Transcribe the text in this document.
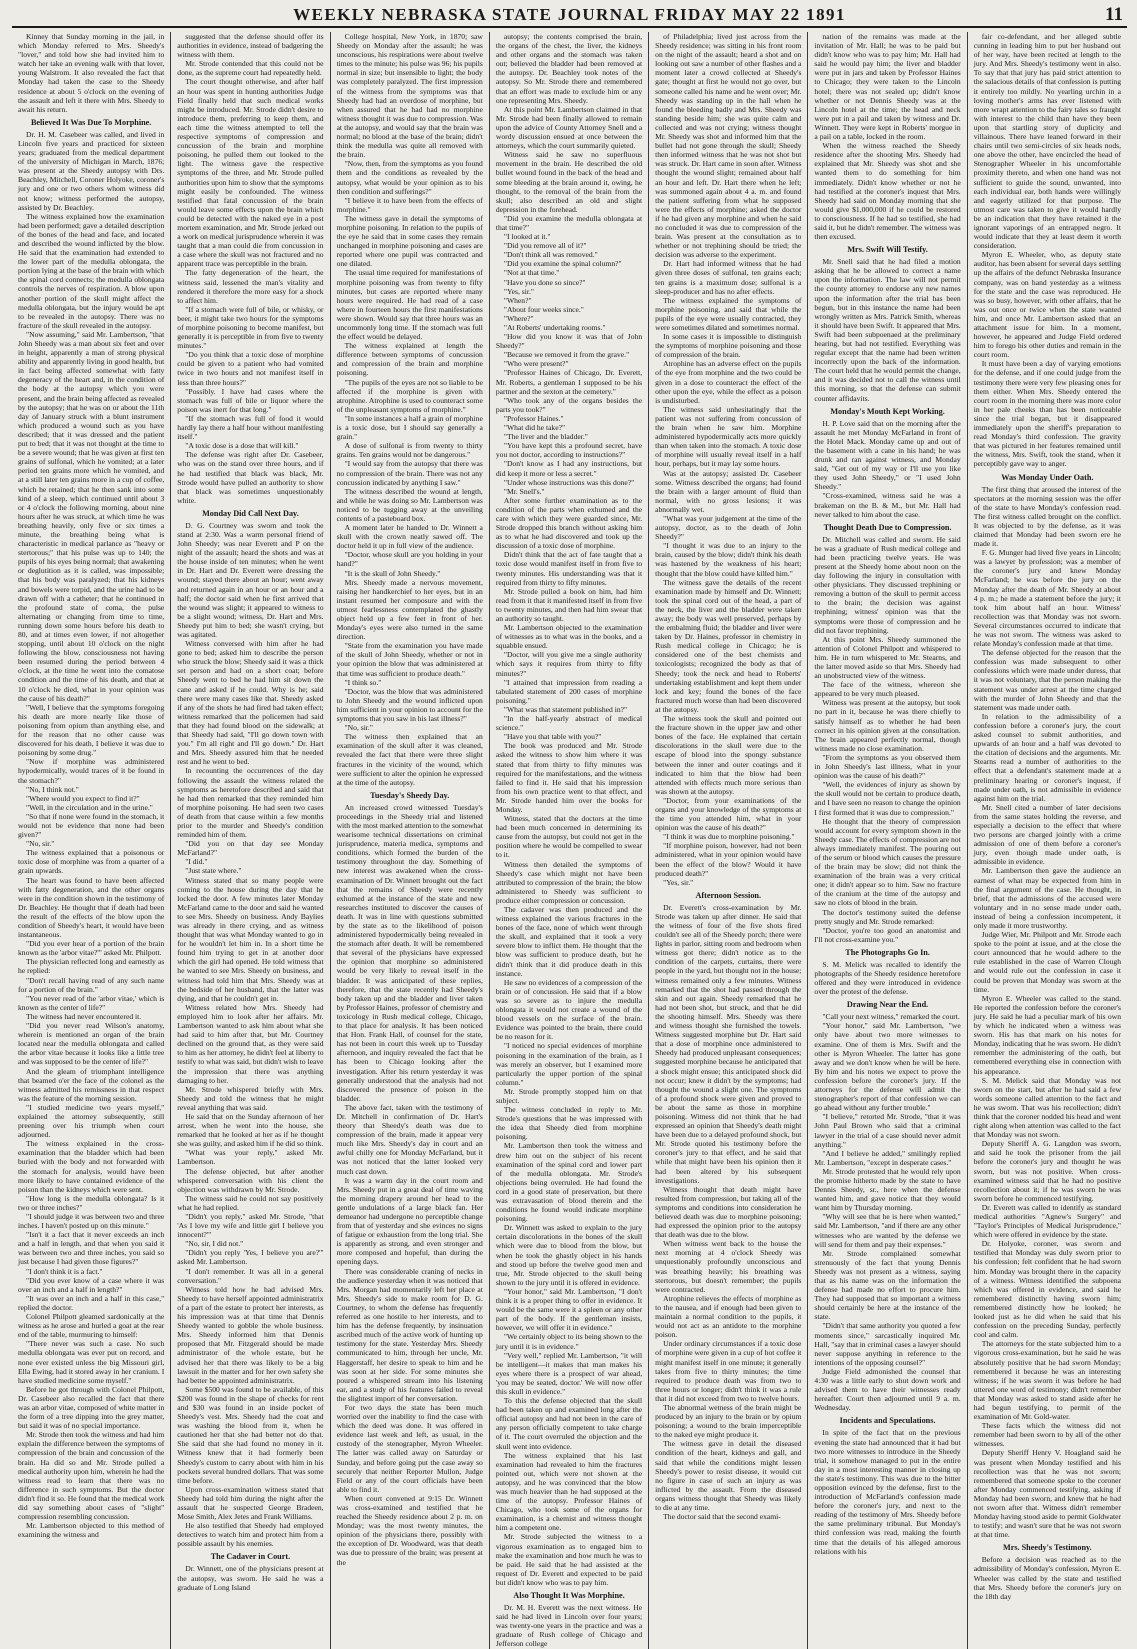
WEEKLY NEBRASKA STATE JOURNAL FRIDAY MAY 22 1891	11

Kinney that Sunday morning in the jail, in which Monday referred to Mrs. Sheedy's "lover," and told how she had invited him to watch her take an evening walk with that lover, young Walstrom. It also revealed the fact that Monday had taken the case to the Sheedy residence at about 5 o'clock on the evening of the assault and left it there with Mrs. Sheedy to await his return.

Believed It Was Due To Morphine.

Dr. H. M. Casebeer was called, and lived in Lincoln five years and practiced for sixteen years; graduated from the medical department of the university of Michigan in March, 1876; was present at the Sheedy autopsy with Drs. Beachley, Mitchell, Coroner Holyoke, coroner's jury and one or two others whom witness did not know; witness performed the autopsy, assisted by Dr. Beachley.

The witness explained how the examination had been performed; gave a detailed description of the bones of the head and face, and located and described the wound inflicted by the blow. He said that the examination had extended to the lower part of the medulla oblongata, the portion lying at the base of the brain with which the spinal cord connects; the medulla oblongata controls the nerves of respiration. A blow upon another portion of the skull might affect the medulla oblongata, but the injury would be apt to be revealed in the autopsy. There was no fracture of the skull revealed in the autopsy.

"Now assuming," said Mr. Lambertson, "that John Sheedy was a man about six feet and over in height, apparently a man of strong physical ability and apparently living in good health, but in fact being affected somewhat with fatty degeneracy of the heart and, in the condition of the body at the autopsy which you were present, and the brain being affected as revealed by the autopsy; that he was on or about the 11th day of January struck with a blunt instrument which produced a wound such as you have described; that it was dressed and the patient put to bed; that it was not thought at the time to be a severe wound; that he was given at first ten grains of sulfonal, which he vomited; at a later period ten grains more which he vomited, and at a still later ten grains more in a cup of coffee, which he retained; that he then sank into some kind of a sleep, which continued until about 3 or 4 o'clock the following morning, about nine hours after he was struck, at which time he was breathing heavily, only five or six times a minute, the breathing being what is characteristic in medical parlance as "heavy or stertorous;" that his pulse was up to 140; the pupils of his eyes being normal; that awakening or deglutition as it is called, was impossible; that his body was paralyzed; that his kidneys and bowels were torpid, and the urine had to be drawn off with a catheter; that he continued in the profound state of coma, the pulse alternating or changing from time to time, running down some hours before his death to 80, and at times even lower, if not altogether stopping, until about 10 o'clock on the night following the blow, consciousness not having been resumed during the period between 4 o'clock, at the time he went into the comatose condition and the time of his death, and that at 10 o'clock he died, what in your opinion was the cause of his death?"

"Well, I believe that the symptoms foregoing his death are more nearly like those of poisoning from opium than anything else, and for the reason that no other cause was discovered for his death, I believe it was due to poisoning by some drug."

"Now if morphine was administered hypodermically, would traces of it be found in the stomach?"

"No, I think not."

"Where would you expect to find it?"

"Well, in the circulation and in the urine."

"So that if none were found in the stomach, it would not be evidence that none had been given?"

"No, sir."

The witness explained that a poisonous or toxic dose of morphine was from a quarter of a grain upwards.

The heart was found to have been affected with fatty degeneration, and the other organs were in the condition shown in the testimony of Dr. Beachley. He thought that if death had been the result of the effects of the blow upon the condition of Sheedy's heart, it would have been instantaneous.

"Did you ever hear of a portion of the brain known as the 'arbor vitae?'" asked Mr. Philpott.

The physician reflected long and earnestly as he replied:

"Don't recall having read of any such name for a portion of the brain."

"You never read of the 'arbor vitae,' which is known as the center of life?"

The witness had never encountered it.

"Did you never read Wilson's anatomy, wherein is mentioned an organ of the brain located near the medulla oblongata and called the arbor vitae because it looks like a little tree and was supposed to be the center of life?"

And the gleam of triumphant intelligence that beamed o'er the face of the colonel as the witness admitted his remissness in that respect was the feature of the morning session.

"I studied medicine two years myself," explained the attorney subsequently, still preening over his triumph when court adjourned.

The witness explained in the cross-examination that the bladder which had been buried with the body and not forwarded with the stomach for analysis, would have been more likely to have contained evidence of the poison than the kidneys which were sent.

"How long is the medulla oblongata? Is it two or three inches?"

"I should judge it was between two and three inches. I haven't posted up on this minute."

"Isn't it a fact that it never exceeds an inch and a half in length, and that when you said it was between two and three inches, you said so just because I had given those figures?"

"I don't think it is a fact."

"Did you ever know of a case where it was over an inch and a half in length?"

"It was over an inch and a half in this case," replied the doctor.

Colonel Philpott gleamed sardonically at the witness as he arose and hurled a goat at the rear end of the table, murmuring to himself:

"There never was such a case. No such medulla oblongata was ever put on record, and none ever existed unless the big Missouri girl, Ella Ewing, had it stored away in her cranium. I have studied medicine some myself."

Before he got through with Colonel Philpott, Dr. Casebeer also recalled the fact that there was an arbor vitae, composed of white matter in the form of a tree dipping into the grey matter, but said it was of no special importance.

Mr. Strode then took the witness and had him explain the difference between the symptoms of compression of the brain and concussion of the brain. Ha did so and Mr. Strode pulled a medical authority upon him, wherein he had the witness read to learn that there was no difference in such symptoms. But the doctor didn't find it so. He found that the medical work did say something about cases of "slight" compression resembling concussion.

Mr. Lambertson objected to this method of examining the witness and

suggested that the defense should offer its authorities in evidence, instead of badgering the witness with them.

Mr. Strode contended that this could not be done, as the supreme court had repeatedly held.

The court thought otherwise, and after half an hour was spent in hunting authorities Judge Field finally held that such medical works might be introduced. Mr. Strode didn't desire to introduce them, preferring to keep them, and each time the witness attempted to tell the respective symptoms of compression and concussion of the brain and morphine poisoning, he pulled them out looked to the light. The witness gave the respective symptoms of the three, and Mr. Strode pulled authorities upon him to show that the symptoms might easily be confounded. The witness testified that fatal concussion of the brain would leave some effects upon the brain which could be detected with the naked eye in a post mortem examination, and Mr. Strode jerked out a work on medical jurisprudence wherein it was taught that a man could die from concussion in a case where the skull was not fractured and no apparent trace was perceptible in the brain.

The fatty degeneration of the heart, the witness said, lessened the man's vitality and rendered it therefore the more easy for a shock to affect him.

"If a stomach were full of bile, or whisky, or beer, it might take two hours for the symptoms of morphine poisoning to become manifest, but generally it is perceptible in from five to twenty minutes."

"Do you think that a toxic dose of morphine could be given to a patient who had vomited twice in two hours and not manifest itself in less than three hours?"

"Possibly. I have had cases where the stomach was full of bile or liquor where the poison was inert for that long."

"If the stomach was full of food it would hardly lay there a half hour without manifesting itself."

"A toxic dose is a dose that will kill."

The defense was right after Dr. Casebeer, who was on the stand over three hours, and if he had testified that black was black, Mr. Strode would have pulled an authority to show that black was sometimes unquestionably white.

Monday Did Call Next Day.

D. G. Courtney was sworn and took the stand at 2:30. Was a warm personal friend of John Sheedy; was near Everett and P on the night of the assault; heard the shots and was at the house inside of ten minutes; when he went in Dr. Hart and Dr. Everett were dressing the wound; stayed there about an hour; went away and returned again in an hour or an hour and a half; the doctor said when he first arrived that the wound was slight; it appeared to witness to be a slight wound; witness, Dr. Hart and Mrs. Sheedy put him to bed; she wasn't crying, but was agitated.

Witness conversed with him after he had gone to bed; asked him to describe the person who struck the blow; Sheedy said it was a thick set person and had on a short coat; before Sheedy went to bed he had him sit down the cane and asked if he could. Why is he; said there were many cases like that. Sheedy asked if any of the shots he had fired had taken effect; witness remarked that the policemen had said that they had found blood on the sidewalk; at that Sheedy had said, "I'll go down town with you." I'm all right and I'll go down." Dr. Hart and Mrs. Sheedy assured him that he needed rest and he went to bed.

In recounting the occurrences of the day following the assault the witness related the symptoms as heretofore described and said that he had then remarked that they reminded him of morphine poisoning. He had seen two cases of death from that cause within a few months prior to the murder and Sheedy's condition reminded him of them.

"Did you on that day see Monday McFarland?"

"I did."

"Just state where."

Witness stated that so many people were coming to the house during the day that he locked the door. A few minutes later Monday McFarland came to the door and said he wanted to see Mrs. Sheedy on business. Andy Baylies was already in there crying, and as witness thought that was what Monday wanted to go in for he wouldn't let him in. In a short time he found him trying to get in at another door which the girl had opened. He told witness that he wanted to see Mrs. Sheedy on business, and witness had told him that Mrs. Sheedy was at the bedside of her husband, that the latter was dying, and that he couldn't get in.

Witness related how Mrs. Sheedy had employed him to look after her affairs. Mr. Lambertson wanted to ask him about what she had said to him after that, but Mr. Courtney declined on the ground that, as they were said to him as her attorney, he didn't feel at liberty to testify to what was said, but didn't wish to leave the impression that there was anything damaging to her.

Mr. Strode whispered briefly with Mrs. Sheedy and told the witness that he might reveal anything that was said.

He said that on the Sunday afternoon of her arrest, when he went into the house, she remarked that he looked at her as if he thought she was guilty, and asked him if he did so think.

"What was your reply," asked Mr. Lambertson.

The defense objected, but after another whispered conversation with his client the objection was withdrawn by Mr. Strode.

The witness said he could not say positively what he had replied.

"Didn't you reply," asked Mr. Strode, "that 'As I love my wife and little girl I believe you innocent?'"

"No, sir, I did not."

"Didn't you reply 'Yes, I believe you are?'" asked Mr. Lambertson.

"I don't remember. It was all in a general conversation."

Witness told how he had advised Mrs. Sheedy to have herself appointed administratrix of a part of the estate to protect her interests, as his impression was at that time that Dennis Sheedy wanted to gobble the whole business. Mrs. Sheedy informed him that Dennis proposed that Mr. Fitzgerald should be made administrator of the whole estate, but he advised her that there was likely to be a big lawsuit in the matter and for her own safety she had better be appointed administratrix.

Some $500 was found to be available, of this $200 was found in the shape of checks for rent and $30 was found in an inside pocket of Sheedy's vest. Mrs. Sheedy had the coat and was washing the blood from it, when he cautioned her that she had better not do that. She said that she had found no money in it. Witness knew that it had formerly been Sheedy's custom to carry about with him in his pockets several hundred dollars. That was some time before.

Upon cross-examination witness stated that Sheedy had told him during the night after the assault that he suspected George Bradeen, Mose Smith, Alex Jetes and Frank Williams.

He also testified that Sheedy had employed detectives to watch him and protect him from a possible assault by his enemies.

The Cadaver in Court.

Dr. Winnett, one of the physicians present at the autopsy, was sworn. He said he was a graduate of Long Island

College hospital, New York, in 1870; saw Sheedy on Monday after the assault; he was unconscious, his respirations were about twelve times to the minute; his pulse was 96; his pupils normal in size; but insensible to light; the body was completely paralyzed. The first impression of the witness from the symptoms was that Sheedy had had an overdose of morphine, but when assured that he had had no morphine witness thought it was due to compression. Was at the autopsy, and would say that the brain was normal; no blood at the base of the brain; didn't think the medulla was quite all removed with the brain.

"Now, then, from the symptoms as you found them and the conditions as revealed by the autopsy, what would be your opinion as to his then condition and sufferings?"

"I believe it to have been from the effects of morphine."

The witness gave in detail the symptoms of morphine poisoning. In relation to the pupils of the eye he said that in some cases they remain unchanged in morphine poisoning and cases are reported where one pupil was contracted and one dilated.

The usual time required for manifestations of morphine poisoning was from twenty to fifty minutes, but cases are reported where many hours were required. He had read of a case where in fourteen hours the first manifestations were shown. Would say that three hours was an uncommonly long time. If the stomach was full the effect would be delayed.

The witness explained at length the difference between symptoms of concussion and compression of the brain and morphine poisoning.

"The pupils of the eyes are not so liable to be affected if the morphine is given with atrophine. Atrophine is used to counteract some of the unpleasant symptoms of morphine."

"In some instances a half a grain of morphine is a toxic dose, but I should say generally a grain."

A dose of sulfonal is from twenty to thirty grains. Ten grains would not be dangerous."

"I would say from the autopsy that there was no compression of the brain. There was not any concussion indicated by anything I saw."

The witness described the wound at length, and while he was doing so Mr. Lambertson was noticed to be tugging away at the unveiling contents of a pasteboard box.

A moment later he handed to Dr. Winnett a skull with the crown neatly sawed off. The doctor held it up in full view of the audience.

"Doctor, whose skull are you holding in your hand?"

"It is the skull of John Sheedy."

Mrs. Sheedy made a nervous movement, raising her handkerchief to her eyes, but in an instant resumed her composure and with the utmost fearlessness contemplated the ghastly object held up a few feet in front of her. Monday's eyes were also turned in the same direction.

"State from the examination you have made of the skull of John Sheedy, whether or not in your opinion the blow that was administered at that time was sufficient to produce death."

"I think so."

"Doctor, was the blow that was administered to John Sheedy and the wound inflicted upon him sufficient in your opinion to account for the symptoms that you saw in his last illness?"

"No, sir."

The witness then explained that an examination of the skull after it was cleaned, revealed the fact that there were three slight fractures in the vicinity of the wound, which were sufficient to alter the opinion he expressed at the time of the autopsy.

Tuesday's Sheedy Day.

An increased crowd witnessed Tuesday's proceedings in the Sheedy trial and listened with the most marked attention to the somewhat wearisome technical dissertations on criminal jurisprudence, materia medica, symptoms and conditions, which formed the burden of the testimony throughout the day. Something of new interest was awakened when the cross-examination of Dr. Winnett brought out the fact that the remains of Sheedy were recently exhumed at the instance of the state and new researches instituted to discover the causes of death. It was in line with questions submitted by the state as to the likelihood of poison administered hypodermically being revealed in the stomach after death. It will be remembered that several of the physicians have expressed the opinion that morphine so administered would be very likely to reveal itself in the bladder. It was anticipated of these replies, therefore, that the state recently had Sheedy's body taken up and the bladder and liver taken by Professor Haines, professor of chemistry and toxicology in Rush medical college, Chicago, to that place for analysis. It has been noticed that Hon. Frank Hall, of counsel for the state, has not been in court this week up to Tuesday afternoon, and inquiry revealed the fact that he has been to Chicago looking after the investigation. After his return yesterday it was generally understood that the analysis had not discovered the presence of poison in the bladder.

The above fact, taken with the testimony of Dr. Mitchell in confirmation of Dr. Hart's theory that Sheedy's death was due to compression of the brain, made it appear very much like Mrs. Sheedy's day in court and an awful chilly one for Monday McFarland, but it was not noticed that the latter looked very much cast down.

It was a warm day in the court room and Mrs. Sheedy put in a great deal of time waving the morning drapery around her head to the gentle undulations of a large black fan. Her demeanor had undergone no perceptible change from that of yesterday and she evinces no signs of fatigue or exhaustion from the long trial. She is apparently as strong, and even stronger and more composed and hopeful, than during the opening days.

There was considerable craning of necks in the audience yesterday when it was noticed that Mrs. Morgan had momentarily left her place at Mrs. Sheedy's side to make room for D. G. Courtney, to whom the defense has frequently referred as one hostile to her interests, and to him has the defense frequently, by insinuation ascribed much of the active work of hunting up testimony for the state. Yesterday Mrs. Sheedy communicated to him, through her uncle, Mr. Haggerstaff, her desire to speak to him and he was soon at her side. For some minutes she poured a whispered stream into his listening ear, and a study of his features failed to reveal the slightest import of her conversation.

For two days the state has been much worried over the inability to find the case with which the deed was done. It was offered in evidence last week and left, as usual, in the custody of the stenographer, Myron Wheeler. The latter was called away on Saturday or Sunday, and before going put the case away so securely that neither Reporter Mullon, Judge Field or any of the court officials have been able to find it.

When court convened at 9:15 Dr. Winnett was cross-examined and testified that he reached the Sheedy residence about 2 p. m. on Monday; was the most twenty minutes, the opinion of the physicians there, possibly with the exception of Dr. Woodward, was that death was due to pressure of the brain; was present at the

autopsy; the contents comprised the brain, the organs of the chest, the liver, the kidneys and other organs and the stomach was taken out; believed the bladder had been removed at the autopsy. Dr. Beachley took notes of the autopsy. So Mr. Strode there and remembered that an effort was made to exclude him or any one representing Mrs. Sheedy.

At this point Mr. Lambertson claimed in that Mr. Strode had been finally allowed to remain upon the advice of County Attorney Snell and a wordy discussion ensued at once between the attorneys, which the court summarily quieted.

Witness said he saw no superfluous movement in the brain. He described the old bullet wound found in the back of the head and some bleeding at the brain around it, owing, he thought, to the removal of the brain from the skull; also described an old and slight depression in the forehead.

"Did you examine the medulla oblongata at that time?"

"I looked at it."

"Did you remove all of it?"

"Don't think all was removed."

"Did you examine the spinal column?"

"Not at that time."

"Have you done so since?"

"Yes, sir."

"When?"

"About four weeks since."

"Where?"

"At Roberts' undertaking rooms."

"How did you know it was that of John Sheedy?"

"Because we removed it from the grave."

"Who were present?"

"Professor Haines of Chicago, Dr. Everett, Mr. Roberts, a gentleman I supposed to be his partner and the sexton at the cemetery."

"Who took any of the organs besides the parts you took?"

"Professor Haines."

"What did he take?"

"The liver and the bladder."

"You have kept this a profound secret, have you not doctor, according to instructions?"

"Don't know as I had any instructions, but did keep it more or less a secret."

"Under whose instructions was this done?"

"Mr. Snell's."

After some further examination as to the condition of the parts when exhumed and the care with which they were guarded since, Mr. Strode dropped this branch without asking him as to what he had discovered and took up the discussion of a toxic dose of morphine.

Didn't think that the act of fate taught that a toxic dose would manifest itself in from five to twenty minutes. His understanding was that it required from thirty to fifty minutes.

Mr. Strode pulled a book on him, had him read from it that it manifested itself in from five to twenty minutes, and then had him swear that an authority so taught.

Mr. Lambertson objected to the examination of witnesses as to what was in the books, and a squabble ensued.

"Doctor, will you give me a single authority which says it requires from thirty to fifty minutes?"

"I attained that impression from reading a tabulated statement of 200 cases of morphine poisoning."

"What was that statement published in?"

"In the half-yearly abstract of medical science."

"Have you that table with you?"

The book was produced and Mr. Strode asked the witness to show him where it was stated that from thirty to fifty minutes was required for the manifestations, and the witness failed to find it. He said that his impression from his own practice went to that effect, and Mr. Strode handed him over the books for Monday.

Witness, stated that the doctors at the time had been much concerned in determining its cause from the autopsy, but could not get in the position where he would be compelled to swear to it.

Witness then detailed the symptoms of Sheedy's case which might not have been attributed to compression of the brain; the blow administered to Sheedy was sufficient to produce either compression or concussion.

The cadaver was then produced and the witness explained the various fractures in the bones of the face, none of which went through the skull, and explained that it took a very severe blow to inflict them. He thought that the blow was sufficient to produce death, but he didn't think that it did produce death in this instance.

He saw no evidences of a compression of the brain or of concussion. He said that if a blow was so severe as to injure the medulla oblongata it would not create a wound of the blood vessels on the surface of the brain. Evidence was pointed to the brain, there could be no reason for it.

"I noticed no special evidences of morphine poisoning in the examination of the brain, as I was merely an observer, but I examined more particularly the upper portion of the spinal column."

Mr. Strode promptly stopped him on that subject.

The witness concluded in reply to Mr. Strode's questions that he was impressed with the idea that Sheedy died from morphine poisoning.

Mr. Lambertson then took the witness and drew him out on the subject of his recent examination of the spinal cord and lower part of the medulla oblongata. Mr. Strode's objections being overruled. He had found the cord in a good state of preservation, but there was extravasation of blood therein and the conditions he found would indicate morphine poisoning.

Dr. Winnett was asked to explain to the jury certain discolorations in the bones of the skull which were due to blood from the blow, but when he took the ghastly object in his hands and stood up before the twelve good men and true, Mr. Strode objected to the skull being shown to the jury until it is offered in evidence.

"Your honor," said Mr. Lambertson, "I don't think it is a proper thing to offer in evidence. It would be the same were it a spleen or any other part of the body. If the gentleman insists, however, we will offer it in evidence."

"We certainly object to its being shown to the jury until it is in evidence."

"Very well," replied Mr. Lambertson, "it will be intelligent—it makes that man makes his eyes where there is a prospect of war ahead, 'you may be seated, doctor.' We will now offer this skull in evidence."

To this the defense objected that the skull had been taken up and examined long after the official autopsy and had not been in the care of any person officially competent to take charge of it. The court overruled the objection and the skull went into evidence.

The witness explained that his last examination had revealed to him the fractures pointed out, which were not shown at the autopsy, and he was convinced that the blow was much heavier than he had supposed at the time of the autopsy. Professor Haines of Chicago, who took some of the organs for examination, is a chemist and witness thought him a competent one.

Mr. Strode subjected the witness to a vigorous examination as to engaged him to make the examination and how much he was to be paid. He said that he had assisted at the request of Dr. Everett and expected to be paid but didn't know who was to pay him.

Also Thought It Was Morphine.

Dr. M. H. Everett was the next witness. He said he had lived in Lincoln over four years; was twenty-one years in the practice and was a graduate of Rush college of Chicago and Jefferson college

of Philadelphia; lived just across from the Sheedy residence; was sitting in his front room on the night of the assault; heard a shot and on looking out saw a number of other flashes and a moment later a crowd collected at Sheedy's gate; thought at first he would not go over, but someone called his name and he went over; Mr. Sheedy was standing up in the hall when he found the bleeding badly and Mrs. Sheedy was standing beside him; she was quite calm and collected and was not crying; witness thought Mr. Sheedy was shot and informed him that the bullet had not gone through the skull; Sheedy then informed witness that he was not shot but was struck. Dr. Hart came in soon after. Witness thought the wound slight; remained about half an hour and left. Dr. Hart there when he left; was summoned again about 4 a. m. and found the patient suffering from what he supposed were the effects of morphine; asked the doctor if he had given any morphine and when he said no concluded it was due to compression of the brain. Was present at the consultation as to whether or not trephining should be tried; the decision was adverse to the experiment.

Dr. Hart had informed witness that he had given three doses of sulfonal, ten grains each; ten grains is a maximum dose; sulfonal is a sleep-producer and has no after effects.

The witness explained the symptoms of morphine poisoning, and said that while the pupils of the eye were usually contracted, they were sometimes dilated and sometimes normal.

In some cases it is impossible to distinguish the symptoms of morphine poisoning and those of compression of the brain.

Atrophine has an adverse effect on the pupils of the eye from morphine and the two could be given in a dose to counteract the effect of the other upon the eye, while the effect as a poison is undisturbed.

The witness said unhesitatingly that the patient was not suffering from concussion of the brain when he saw him. Morphine administered hypodermically acts more quickly than when taken into the stomach. A toxic dose of morphine will usually reveal itself in a half hour, perhaps, but it may lay some hours.

Was at the autopsy; assisted Dr. Casebeer some. Witness described the organs; had found the brain with a larger amount of fluid than normal, with no gross lesions; it was abnormally wet.

"What was your judgement at the time of the autopsy, doctor, as to the death of John Sheedy?"

"I thought it was due to an injury to the brain, caused by the blow; didn't think his death was hastened by the weakness of his heart; thought that the blow could have killed him."

The witness gave the details of the recent examination made by himself and Dr. Winnett; took the spinal cord out of the head, a part of the neck, the liver and the bladder were taken away; the body was well preserved, perhaps by the embalming fluid; the bladder and liver were taken by Dr. Haines, professor in chemistry in Rush medical college in Chicago; he is considered one of the best chemists and toxicologists; recognized the body as that of Sheedy; took the neck and head to Roberts' undertaking establishment and kept them under lock and key; found the bones of the face fractured much worse than had been discovered at the autopsy.

The witness took the skull and pointed out the fracture shown in the upper jaw and other bones of the face. He explained that certain discolorations in the skull were due to the escape of blood into the spongy substance between the inner and outer coatings and it indicated to him that the blow had been attended with effects much more serious than was shown at the autopsy.

"Doctor, from your examinations of the organs and your knowledge of the symptoms at the time you attended him, what in your opinion was the cause of his death?"

"I think it was due to morphine poisoning."

"If morphine poison, however, had not been administered, what in your opinion would have been the effect of the blow? Would it have produced death?"

"Yes, sir."

Afternoon Session.

Dr. Everett's cross-examination by Mr. Strode was taken up after dinner. He said that the witness of four of the five shots fired couldn't see all of the Sheedy porch; there were lights in parlor, sitting room and bedroom when witness got there; didn't notice as to the condition of the carpets, curtains, there were people in the yard, but thought not in the house; witness remained only a few minutes. Witness remarked that the shot had passed through the skin and out again. Sheedy remarked that he had not been shot, but struck, and that he did the shooting himself. Mrs. Sheedy was there and witness thought she furnished the towels. Witness suggested morphine but Dr. Hart said that a dose of morphine once administered to Sheedy had produced unpleasant consequences; suggested morphine because he anticipated that a shock might ensue; this anticipated shock did not occur; knew it didn't by the symptoms; had thought the wound a slight one. The symptoms of a profound shock were given and proved to be about the same as those in morphine poisoning. Witness did not think that he had expressed an opinion that Sheedy's death might have been due to a delayed profound shock, but Mr. Strode quoted his testimony before the coroner's jury to that effect, and he said that while that might have been his opinion then it had been altered by his subsequent investigations.

Witness thought that death might have resulted from compression, but taking all of the symptoms and conditions into consideration he believed death was due to morphine poisoning; had expressed the opinion prior to the autopsy that death was due to the blow.

When witness went back to the house the next morning at 4 o'clock Sheedy was unquestionably profoundly unconscious and was breathing heavily; his breathing was stertorous, but doesn't remember; the pupils were contracted.

Atrophine relieves the effects of morphine as to the nausea, and if enough had been given to maintain a normal condition to the pupils, it would not act as an antidote to the morphine poison.

Under ordinary circumstances if a toxic dose of morphine were given in a cup of hot coffee it might manifest itself in one minute; it generally takes from five to thirty minutes; the time required to produce death was from two to three hours or longer; didn't think it was a rule that it did not exceed from two to twelve hours.

The abnormal wetness of the brain might be produced by an injury to the brain or by opium poisoning; a wound to the brain imperceptible to the naked eye might produce it.

The witness gave in detail the diseased condition of the heart, kidneys and gall, and said that while the conditions might lessen Sheedy's power to resist disease, it would cut no figure in case of such an injury as was inflicted by the assault. From the diseased organs witness thought that Sheedy was likely to die at any time.

The doctor said that the second exami-

nation of the remains was made at the invitation of Mr. Hall; he was to be paid but didn't know who was to pay him; Mr. Hall had said he would pay him; the liver and bladder were put in jars and taken by Professor Haines to Chicago; they were taken to the Lincoln hotel; there was not sealed up; didn't know whether or not Dennis Sheedy was at the Lincoln hotel at the time; the head and neck were put in a pail and taken by witness and Dr. Winnett. They were kept in Roberts' morgue in a pail on a table, locked in the room.

When the witness reached the Sheedy residence after the shooting Mrs. Sheedy had explained that Mr. Sheedy was shot and she wanted them to do something for him immediately. Didn't know whether or not he had testified at the coroner's inquest that Mrs. Sheedy had said on Monday morning that she would give $1,000,000 if he could be restored to consciousness. If he had so testified, she had said it, but he didn't remember. The witness was then excused.

Mrs. Swift Will Testify.

Mr. Snell said that he had filed a motion asking that he be allowed to correct a name upon the information. The law will not permit the county attorney to endorse any new names upon the information after the trial has been begun, but in this instance the name had been wrongly written as Mrs. Patrick Smith, whereas it should have been Swift. It appeared that Mrs. Swift had been subpoenaed at the preliminary hearing, but had not testified. Everything was regular except that the name had been written incorrectly upon the back of the information. The court held that he would permit the change, and it was decided not to call the witness until this morning, so that the defense can submit counter affidavits.

Monday's Mouth Kept Working.

H. P. Love said that on the morning after the assault he met Monday McFarland in front of the Hotel Mack. Monday came up and out of the basement with a cane in his hand; he was drunk and ran against witness, and Monday said, "Get out of my way or I'll use you like they used John Sheedy," or "I used John Sheedy."

"Cross-examined, witness said he was a brakeman on the B. & M., but Mr. Hall had never talked to him about the case.

Thought Death Due to Compression.

Dr. Mitchell was called and sworn. He said he was a graduate of Rush medical college and had been practicing twelve years. He was present at the Sheedy home about noon on the day following the injury in consultation with other physicians. They discussed trephining or removing a button of the skull to permit access to the brain; the decision was against trephining; witness' opinion was that the symptoms were those of compression and he did not favor trephining.

At this point Mrs. Sheedy summoned the attention of Colonel Philpott and whispered to him. He in turn whispered to Mr. Stearns, and the latter moved aside so that Mrs. Sheedy had an unobstructed view of the witness.

The face of the witness, whereon she appeared to be very much pleased.

Witness was present at the autopsy, but took no part in it, because he was there chiefly to satisfy himself as to whether he had been correct in his opinion given at the consultation. The brain appeared perfectly normal, though witness made no close examination.

"From the symptoms as you observed them in John Sheedy's last illness, what in your opinion was the cause of his death?"

"Well, the evidences of injury as shown by the skull would not be certain to produce death, and I have seen no reason to change the opinion I first formed that it was due to compression."

He thought that the theory of compression would account for every symptom shown in the Sheedy case. The effects of compression are not always immediately manifest. The pouring out of the serum or blood which causes the pressure of the brain may be slow; did not think the examination of the brain was a very critical one; it didn't appear so to him. Saw no fracture of the cranium at the time of the autopsy and saw no clots of blood in the brain.

The doctor's testimony suited the defense pretty snugly and Mr. Strode remarked:

"Doctor, you're too good an anatomist and I'll not cross-examine you."

The Photographs Go In.

S. M. Melick was recalled to identify the photographs of the Sheedy residence heretofore offered and they were introduced in evidence over the protest of the defense.

Drawing Near the End.

"Call your next witness," remarked the court.

"Your honor," said Mr. Lambertson, "we only have about two more witnesses to examine. One of them is Mrs. Swift and the other is Myron Wheeler. The latter has gone away and we don't know when he will be here. By him and his notes we expect to prove the confession before the coroner's jury. If the attorneys for the defense will admit the stenographer's report of that confession we can go ahead without any further trouble."

"I believe," retorted Mr. Strode, "that it was John Paul Brown who said that a criminal lawyer in the trial of a case should never admit anything."

"And I believe he added," smilingly replied Mr. Lambertson, "except in desperate cases."

Mr. Strode protested that he would rely upon the promise hitherto made by the state to have Dennis Sheedy, sr., here when the defense wanted him, and gave notice that they would want him by Thursday morning.

"Why will see that he is here when wanted," said Mr. Lambertson, "and if there are any other witnesses who are wanted by the defense we will send for them and pay their expenses."

Mr. Strode complained somewhat strenuously of the fact that young Dennis Sheedy was not present as a witness, saying that as his name was on the information the defense had made no effort to procure him. They had supposed that so important a witness should certainly be here at the instance of the state.

"Didn't that same authority you quoted a few moments since," sarcastically inquired Mr. Hall, "say that in criminal cases a lawyer should never suppose anything in reference to the intentions of the opposing counsel?"

Judge Field admonished the counsel that 4:30 was a little early to shut down work and advised them to have their witnesses ready hereafter. Court then adjourned until 9 a. m. Wednesday.

Incidents and Speculations.

In spite of the fact that on the previous evening the state had announced that it had but two more witnesses to introduce in the Sheedy trial, it somehow managed to put in the entire day in a most interesting manner in closing up the state's testimony. This was due to the bitter opposition evinced by the defense, first to the introduction of McFarland's confession made before the coroner's jury, and next to the reading of the testimony of Mrs. Sheedy before the same preliminary tribunal. But Monday's third confession was read, making the fourth time that the details of his alleged amorous relations with his

fair co-defendant, and her alleged subtle cunning in leading him to put her husband out of her way, have been recited at length to the jury. And Mrs. Sheedy's testimony went in also. To say that that jury has paid strict attention to the salacious details of that confession is putting it entirely too mildly. No yearling urchin in a loving mother's arms has ever listened with more wrapt attention to the fairy tales so fraught with interest to the child than have they been upon that startling story of duplicity and villainous. There have leaned forward in their chairs until two semi-circles of six heads nods, one above the other, have encircled the head of Stenographer Wheeler in his uncomfortable proximity thereto, and when one hand was not sufficient to guide the sound, unwanted, into each individual ear, both hands were willingly and eagerly utilized for that purpose. The utmost care was taken to give it would hardly be an indication that they have retained it the ignorant vaporings of an entrapped negro. It would indicate that they at least deem it worth consideration.

Myron E. Wheeler, who, as deputy state auditor, has been absent for several days settling up the affairs of the defunct Nebraska Insurance company, was on hand yesterday as a witness for the state and the case was reproduced. He was so busy, however, with other affairs, that he was out once or twice when the state wanted him, and once Mr. Lambertson asked that an attachment issue for him. In a moment, however, he appeared and Judge Field ordered him to forego his other duties and remain in the court room.

It must have been a day of varying emotions for the defense, and if one could judge from the testimony there were very few pleasing ones for them either. When Mrs. Sheedy entered the court room in the morning there was more color in her pale cheeks than has been noticeable since the trial began, but it disappeared immediately upon the sheriff's preparation to read Monday's third confession. The gravity that was pictured in her features remained until the witness, Mrs. Swift, took the stand, when it perceptibly gave way to anger.

Was Monday Under Oath.

The first thing that aroused the interest of the spectators at the morning session was the offer of the state to have Monday's confession read. The first witness called brought on the conflict. It was objected to by the defense, as it was claimed that Monday had been sworn ere he made it.

F. G. Munger had lived five years in Lincoln; was a lawyer by profession; was a member of the coroner's jury and knew Monday McFarland; he was before the jury on the Monday after the death of Mr. Sheedy at about 4 p. m.; he made a statement before the jury; it took him about half an hour. Witness' recollection was that Monday was not sworn. Several circumstances occurred to indicate that he was not sworn. The witness was asked to relate Monday's confession made at that time.

The defense objected for the reason that the confession was made subsequent to other confessions which were made under duress, that it was not voluntary, that the person making the statement was under arrest at the time charged with the murder of John Sheedy and that the statement was made under oath.

In relation to the admissibility of a confession before a coroner's jury, the court asked counsel to submit authorities, and upwards of an hour and a half was devoted to the citation of decisions and the arguments. Mr. Stearns read a number of authorities to the effect that a defendant's statement made at a preliminary hearing or coroner's inquest, if made under oath, is not admissible in evidence against him on the trial.

Mr. Snell cited a number of later decisions from the same states holding the reverse, and especially a decision to the effect that where two persons are charged jointly with a crime admission of one of them before a coroner's jury, even though made under oath, is admissible in evidence.

Mr. Lambertson then gave the audience an earnest of what may be expected from him in the final argument of the case. He thought, in brief, that the admissions of the accused were voluntary and in no sense made under oath, instead of being a confession incompetent, it only made it more trustworthy.

Judge Wier, Mr. Philpott and Mr. Strode each spoke to the point at issue, and at the close the court announced that he would adhere to the rule established in the case of Warren Clough and would rule out the confession in case it could be proven that Monday was sworn at the time.

Myron E. Wheeler was called to the stand. He reported the confession before the coroner's jury. He said he had a peculiar mark of his own by which he indicated when a witness was sworn. His has that mark on his notes for Monday, indicating that he was sworn. He didn't remember the administering of the oath, but remembered everything else in connection with his appearance.

S. M. Melick said that Monday was not sworn on the start, but after he had said a few words someone called attention to the fact and he was sworn. That was his recollection; didn't think that the coroner nodded his head and went right along when attention was called to the fact that Monday was not sworn.

Deputy Sheriff A. G. Langdon was sworn, and said he took the prisoner from the jail before the coroner's jury and thought he was sworn, but was not positive. When cross-examined witness said that he had no positive recollection about it; if he was sworn he was sworn before he commenced testifying.

Dr. Everett was called to identify as standard medical authorities "Agnew's Surgery" and "Taylor's Principles of Medical Jurisprudence," which were offered in evidence by the state.

Dr. Holyoke, coroner, was sworn and testified that Monday was duly sworn prior to his confession; felt confident that he had sworn him. Monday was brought there in the capacity of a witness. Witness identified the subpoena which was offered in evidence, and said he remembered distinctly having sworn him; remembered distinctly how he looked; he looked just as he did when he said that his confession on the preceding Sunday, perfectly cool and calm.

The attorneys for the state subjected him to a vigorous cross-examination, but he said he was absolutely positive that he had sworn Monday; remembered it because he was an interesting witness; if he was sworn it was before he had uttered one word of testimony; didn't remember that Monday was asked to stand aside after he had begun testifying, to permit of the examination of Mr. Gold-water.

These facts which the witness did not remember had been sworn to by all of the other witnesses.

Deputy Sheriff Henry V. Hoagland said he was present when Monday testified and his recollection was that he was not sworn; remembered that someone spoke to the coroner after Monday commenced testifying, asking if Monday had been sworn, and knew that he had not sworn after that. Witness didn't remember Monday having stood aside to permit Goldwater to testify; and wasn't sure that he was not sworn at that time.

Mrs. Sheedy's Testimony.

Before a decision was reached as to the admissibility of Monday's confession, Myron E. Wheeler was called by the state and testified that Mrs. Sheedy before the coroner's jury on the 18th day
